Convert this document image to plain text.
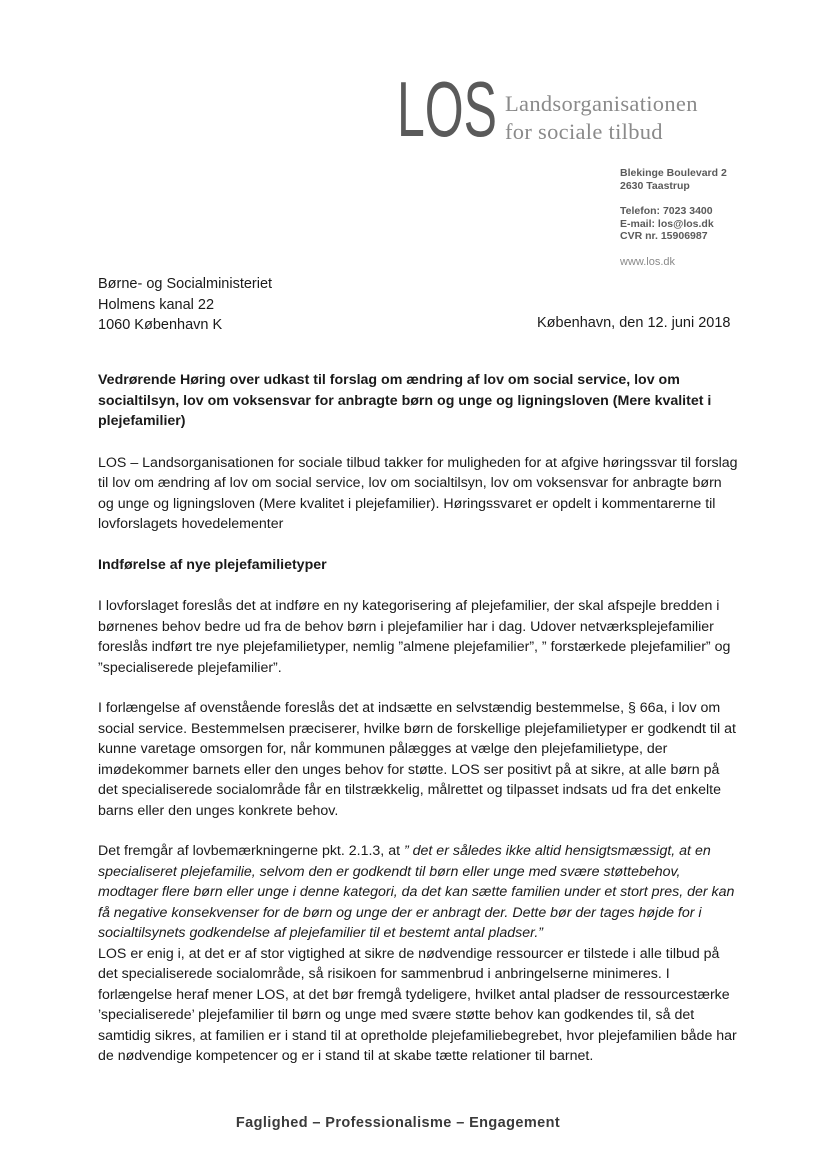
LOS Landsorganisationen
for sociale tilbud
Blekinge Boulevard 2
2630 Taastrup
Telefon: 7023 3400
E-mail: los@los.dk
CVR nr. 15906987
www.los.dk
Børne- og Socialministeriet
Holmens kanal 22
1060 København K	København, den 12. juni 2018

Vedrørende Høring over udkast til forslag om ændring af lov om social service, lov om socialtilsyn, lov om voksensvar for anbragte børn og unge og ligningsloven (Mere kvalitet i plejefamilier)

LOS – Landsorganisationen for sociale tilbud takker for muligheden for at afgive høringssvar til forslag til lov om ændring af lov om social service, lov om socialtilsyn, lov om voksensvar for anbragte børn og unge og ligningsloven (Mere kvalitet i plejefamilier). Høringssvaret er opdelt i kommentarerne til lovforslagets hovedelementer

Indførelse af nye plejefamilietyper

I lovforslaget foreslås det at indføre en ny kategorisering af plejefamilier, der skal afspejle bredden i børnenes behov bedre ud fra de behov børn i plejefamilier har i dag. Udover netværksplejefamilier foreslås indført tre nye plejefamilietyper, nemlig ”almene plejefamilier”, ” forstærkede plejefamilier” og ”specialiserede plejefamilier”.

I forlængelse af ovenstående foreslås det at indsætte en selvstændig bestemmelse, § 66a, i lov om social service. Bestemmelsen præciserer, hvilke børn de forskellige plejefamilietyper er godkendt til at kunne varetage omsorgen for, når kommunen pålægges at vælge den plejefamilietype, der imødekommer barnets eller den unges behov for støtte. LOS ser positivt på at sikre, at alle børn på det specialiserede socialområde får en tilstrækkelig, målrettet og tilpasset indsats ud fra det enkelte barns eller den unges konkrete behov.

Det fremgår af lovbemærkningerne pkt. 2.1.3, at ” det er således ikke altid hensigtsmæssigt, at en specialiseret plejefamilie, selvom den er godkendt til børn eller unge med svære støttebehov, modtager flere børn eller unge i denne kategori, da det kan sætte familien under et stort pres, der kan få negative konsekvenser for de børn og unge der er anbragt der. Dette bør der tages højde for i socialtilsynets godkendelse af plejefamilier til et bestemt antal pladser.”

LOS er enig i, at det er af stor vigtighed at sikre de nødvendige ressourcer er tilstede i alle tilbud på det specialiserede socialområde, så risikoen for sammenbrud i anbringelserne minimeres. I forlængelse heraf mener LOS, at det bør fremgå tydeligere, hvilket antal pladser de ressourcestærke ’specialiserede’ plejefamilier til børn og unge med svære støtte behov kan godkendes til, så det samtidig sikres, at familien er i stand til at opretholde plejefamiliebegrebet, hvor plejefamilien både har de nødvendige kompetencer og er i stand til at skabe tætte relationer til barnet.

Faglighed – Professionalisme – Engagement
